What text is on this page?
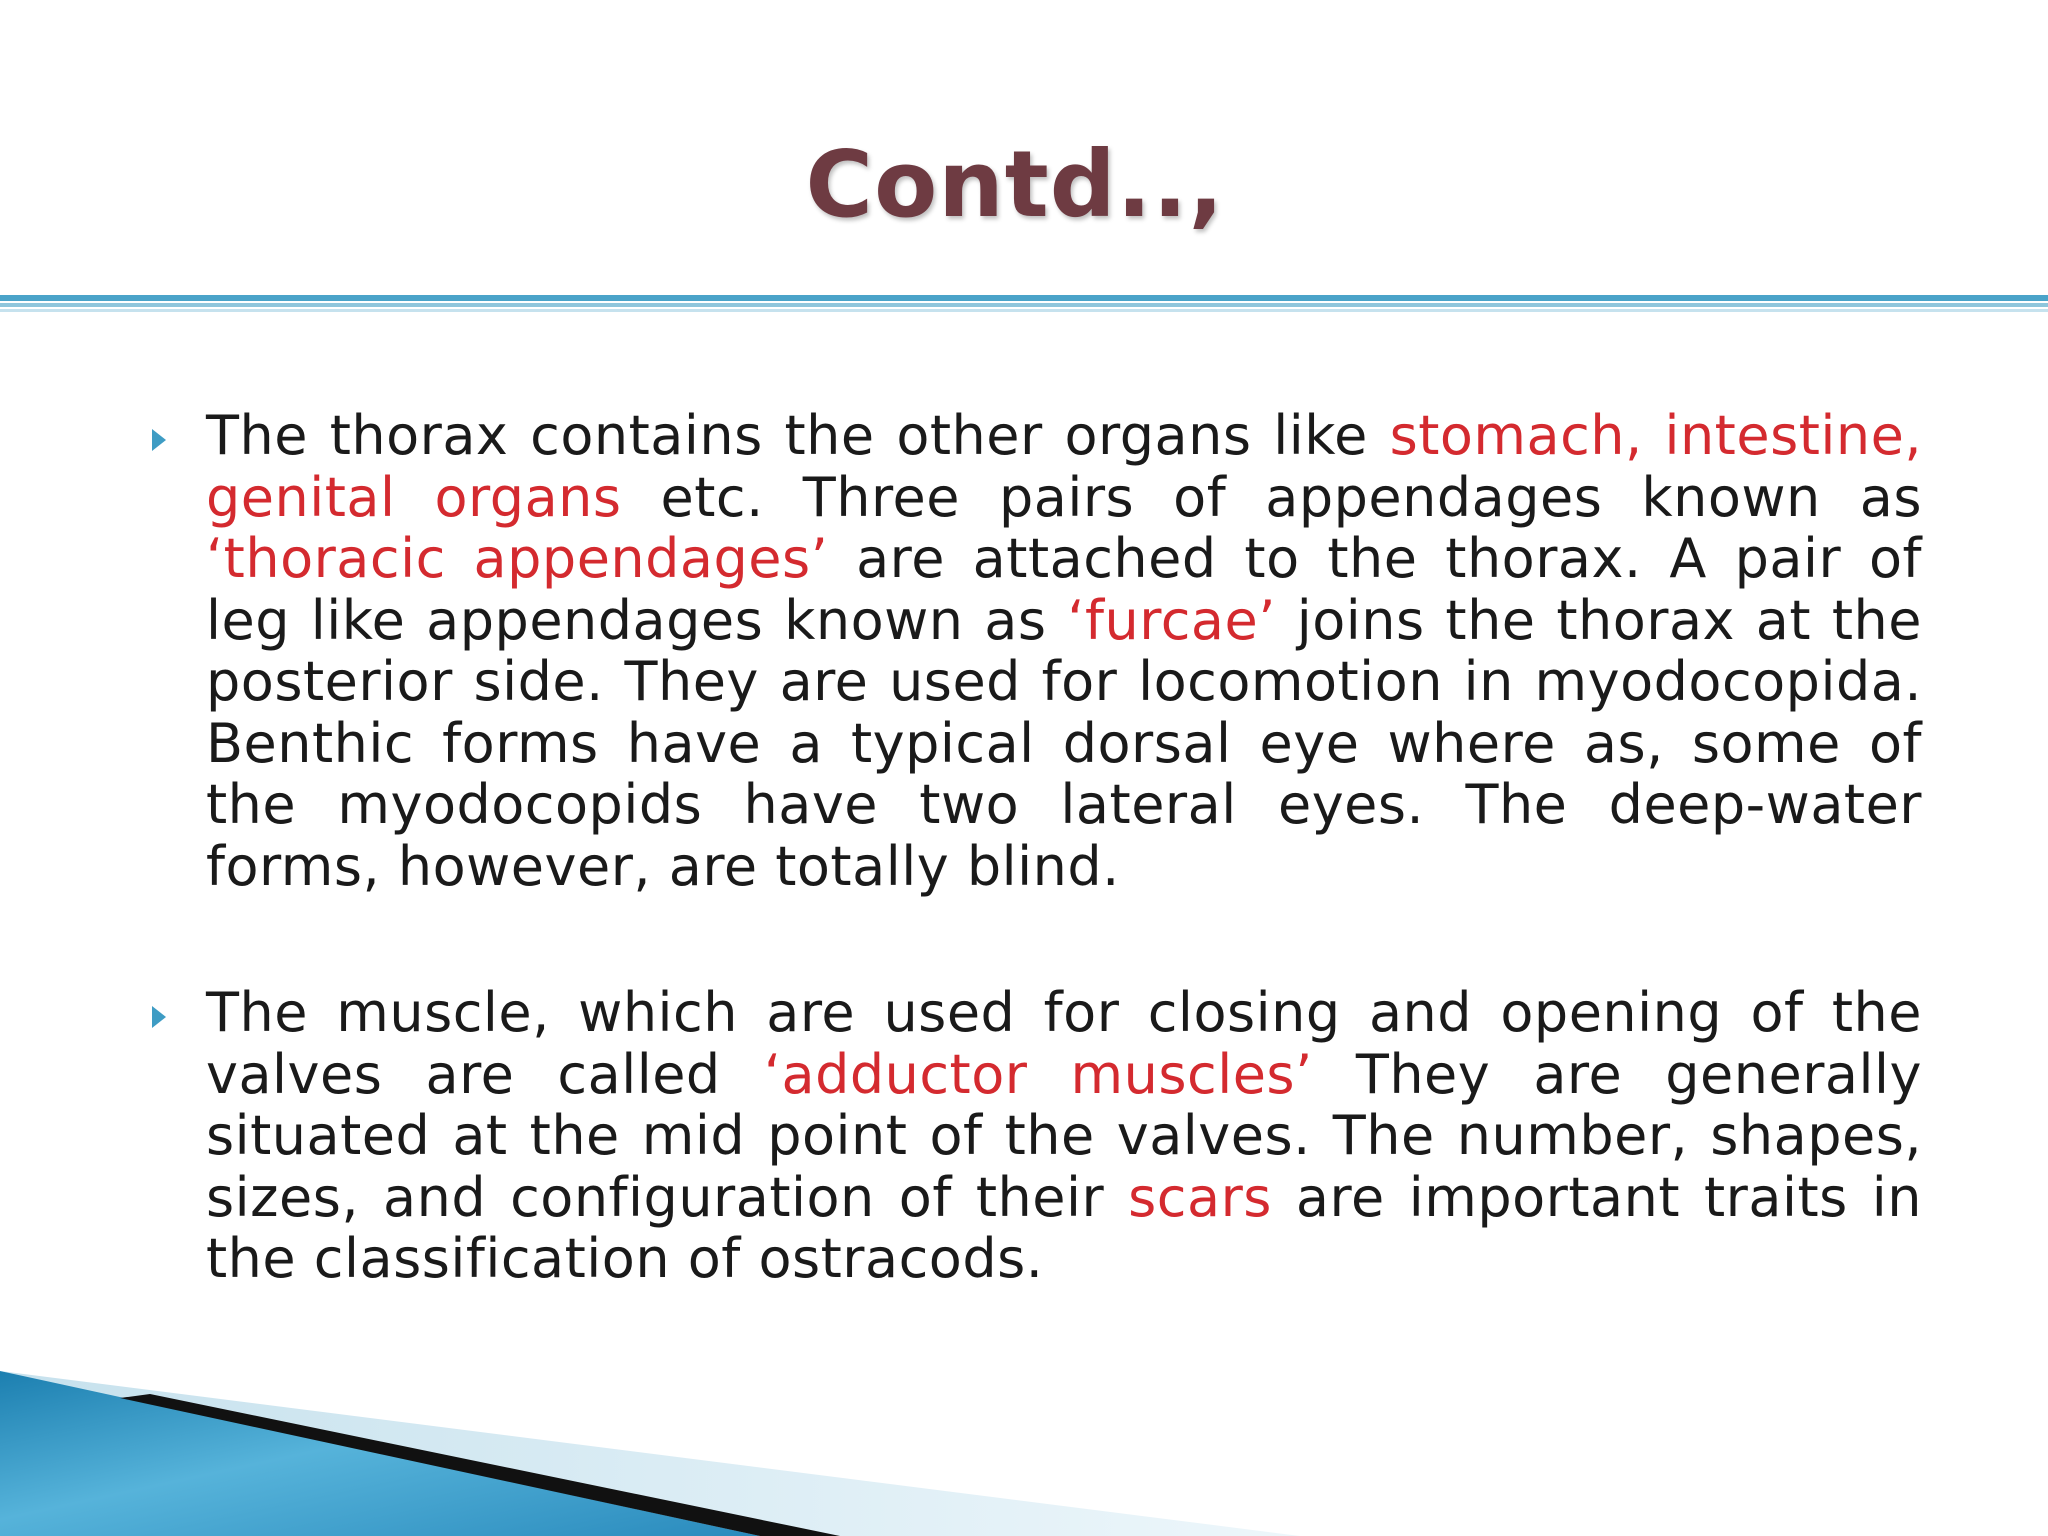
Contd..,
The thorax contains the other organs like stomach, intestine, genital organs etc. Three pairs of appendages known as ‘thoracic appendages’ are attached to the thorax. A pair of leg like appendages known as ‘furcae’ joins the thorax at the posterior side. They are used for locomotion in myodocopida. Benthic forms have a typical dorsal eye where as, some of the myodocopids have two lateral eyes. The deep-water forms, however, are totally blind.
The muscle, which are used for closing and opening of the valves are called ‘adductor muscles’ They are generally situated at the mid point of the valves. The number, shapes, sizes, and configuration of their scars are important traits in the classification of ostracods.
